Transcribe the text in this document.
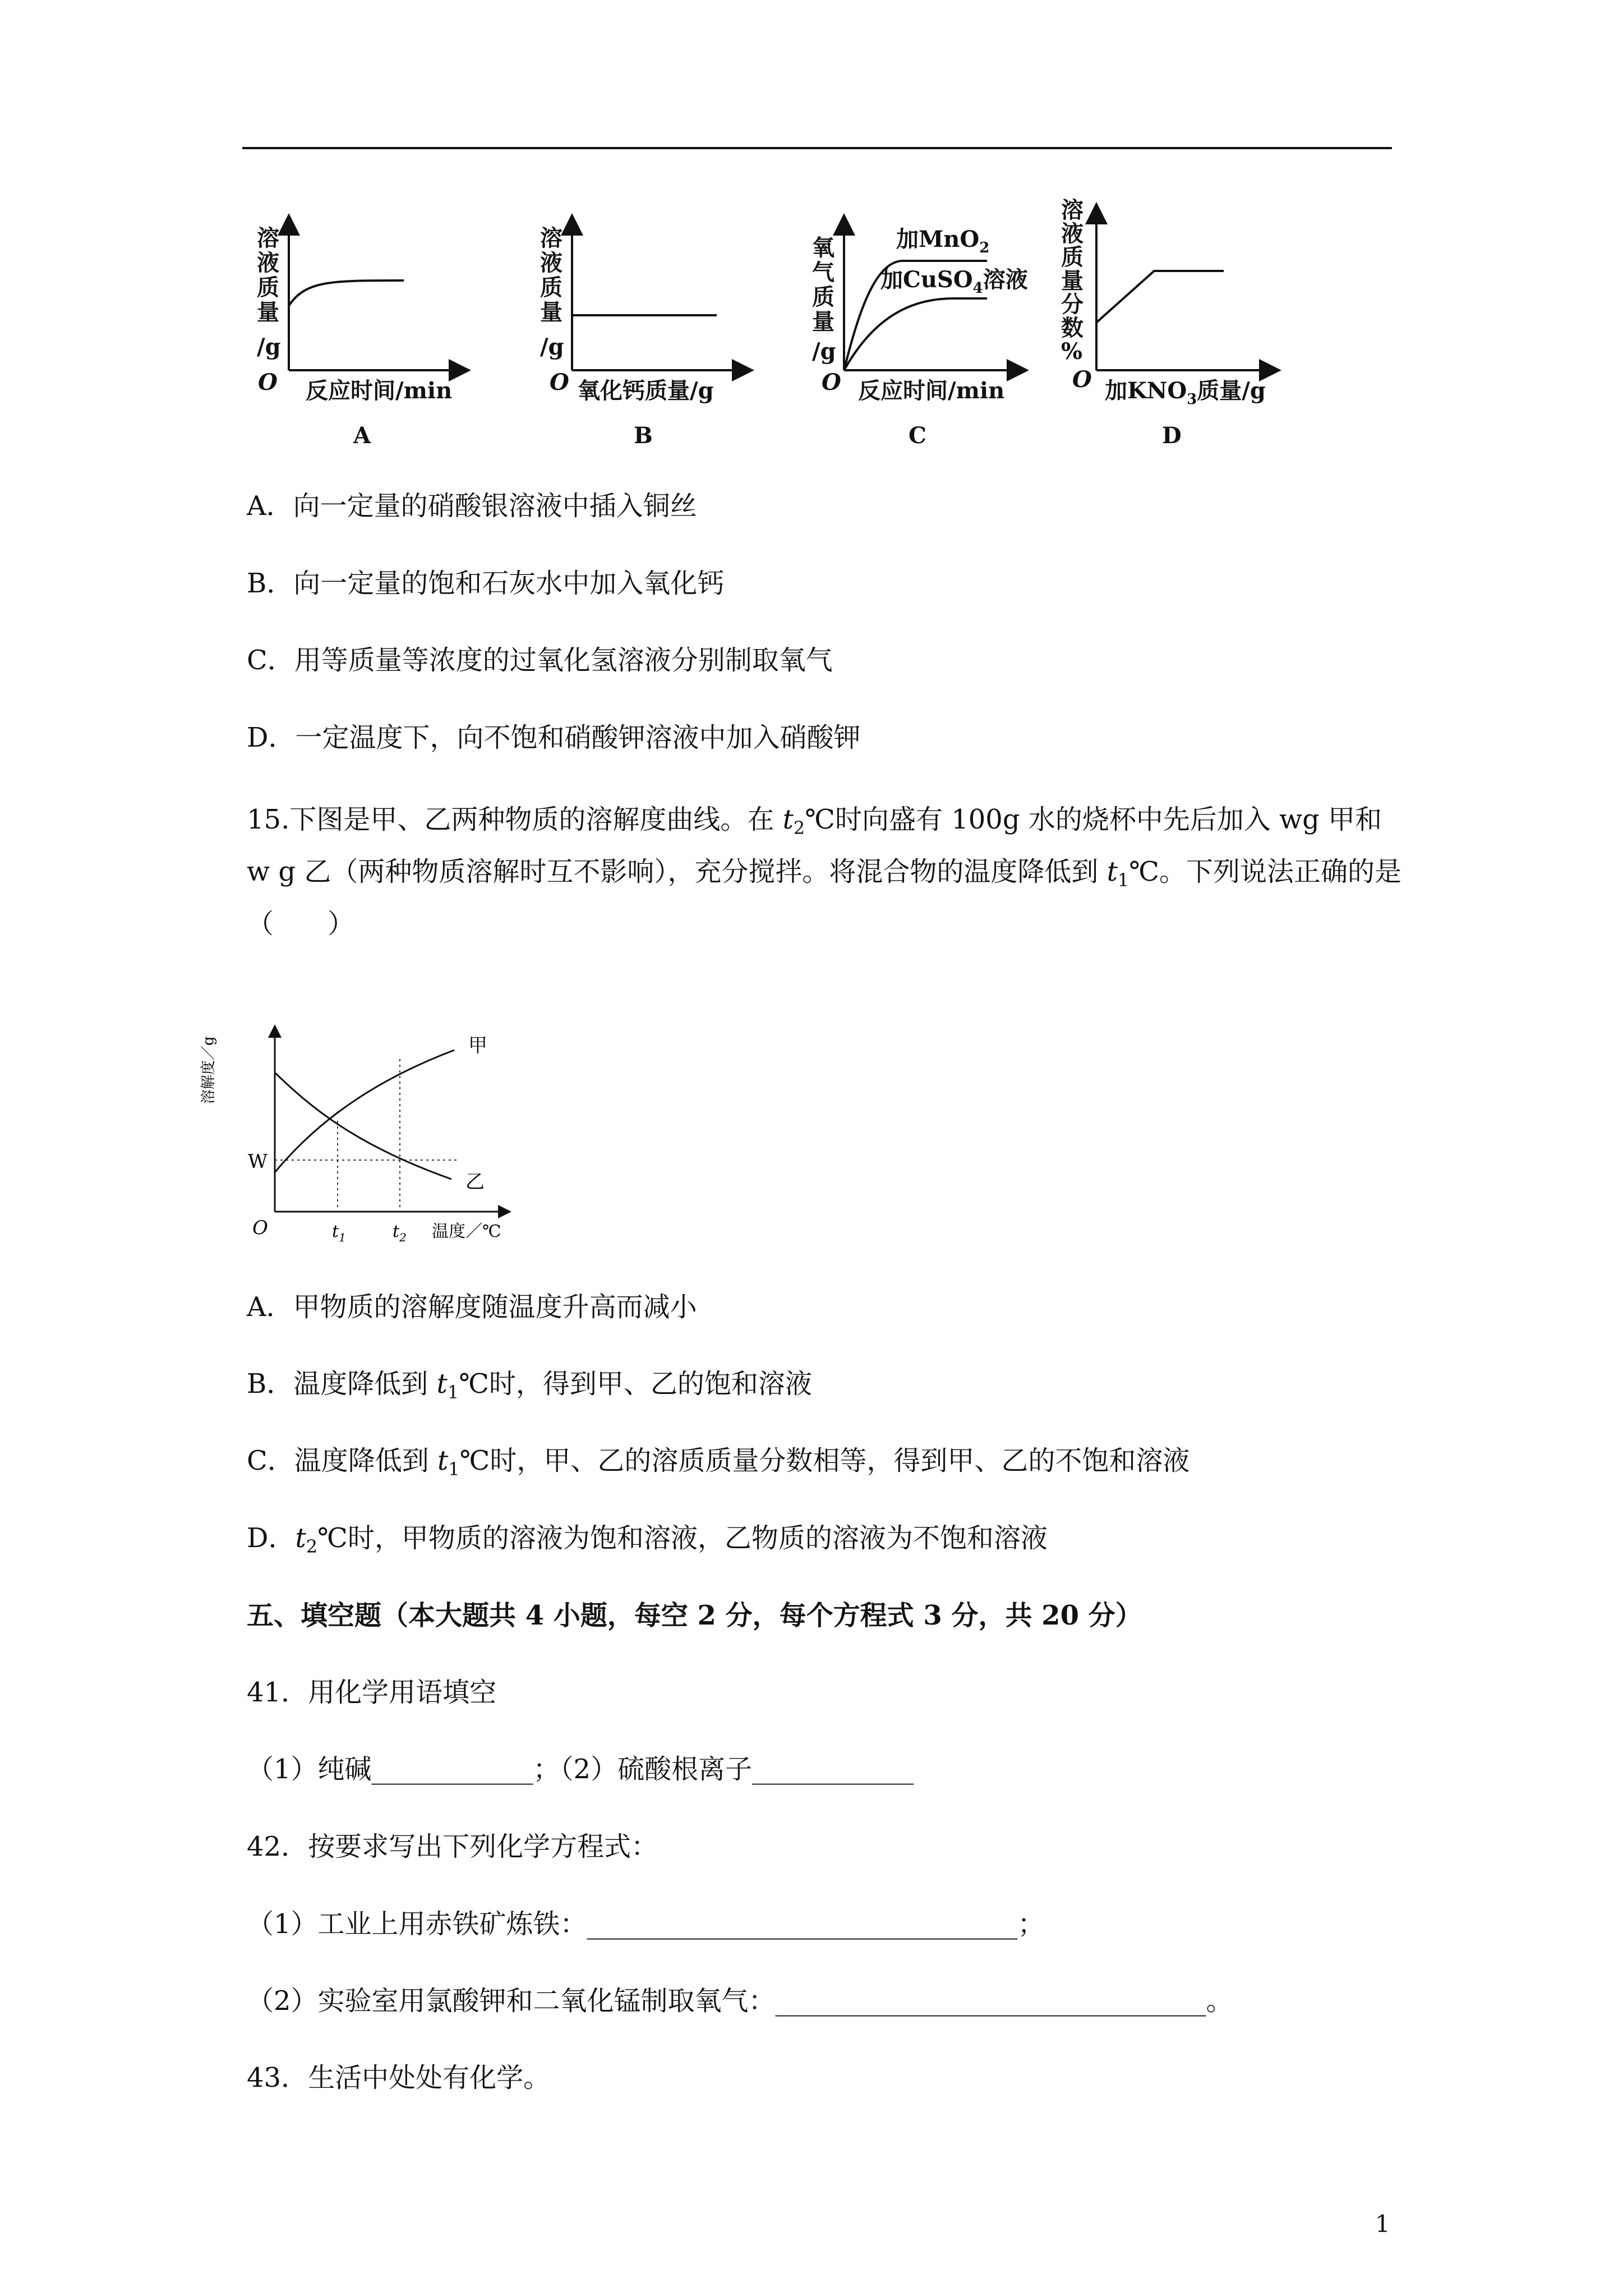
溶
液
质
量
/g
O 反应时间/min
A
溶
液
质
量
/g
O 氧化钙质量/g
B
氧
气
质
量
/g
O 反应时间/min
C
加MnO$_2$
加CuSO$_4$溶液
溶
液
质
量
分
数
%
O 加$KNO_3$质量/g
D
A．向一定量的硝酸银溶液中插入铜丝
B．向一定量的饱和石灰水中加入氧化钙
C．用等质量等浓度的过氧化氢溶液分别制取氧气
D．一定温度下，向不饱和硝酸钾溶液中加入硝酸钾
15.下图是甲、乙两种物质的溶解度曲线。在 $t_2℃$时向盛有 100g 水的烧杯中先后加入 wg 甲和 w g 乙（两种物质溶解时互不影响），充分搅拌。将混合物的温度降低到 $t_1℃$。下列说法正确的是（　　）
溶解度／g
W
O	$t_1$	$t_2$ 温度／℃
甲
乙
A．甲物质的溶解度随温度升高而减小
B．温度降低到 $t_1℃$时，得到甲、乙的饱和溶液
C．温度降低到 $t_1℃$时，甲、乙的溶质质量分数相等，得到甲、乙的不饱和溶液
D．$t_2℃$时，甲物质的溶液为饱和溶液，乙物质的溶液为不饱和溶液
五、填空题（本大题共 4 小题，每空 2 分，每个方程式 3 分，共 20 分）
41．用化学用语填空
（1）纯碱____________；（2）硫酸根离子____________
42．按要求写出下列化学方程式：
（1）工业上用赤铁矿炼铁：________________________________；
（2）实验室用氯酸钾和二氧化锰制取氧气：________________________________。
43．生活中处处有化学。
1
